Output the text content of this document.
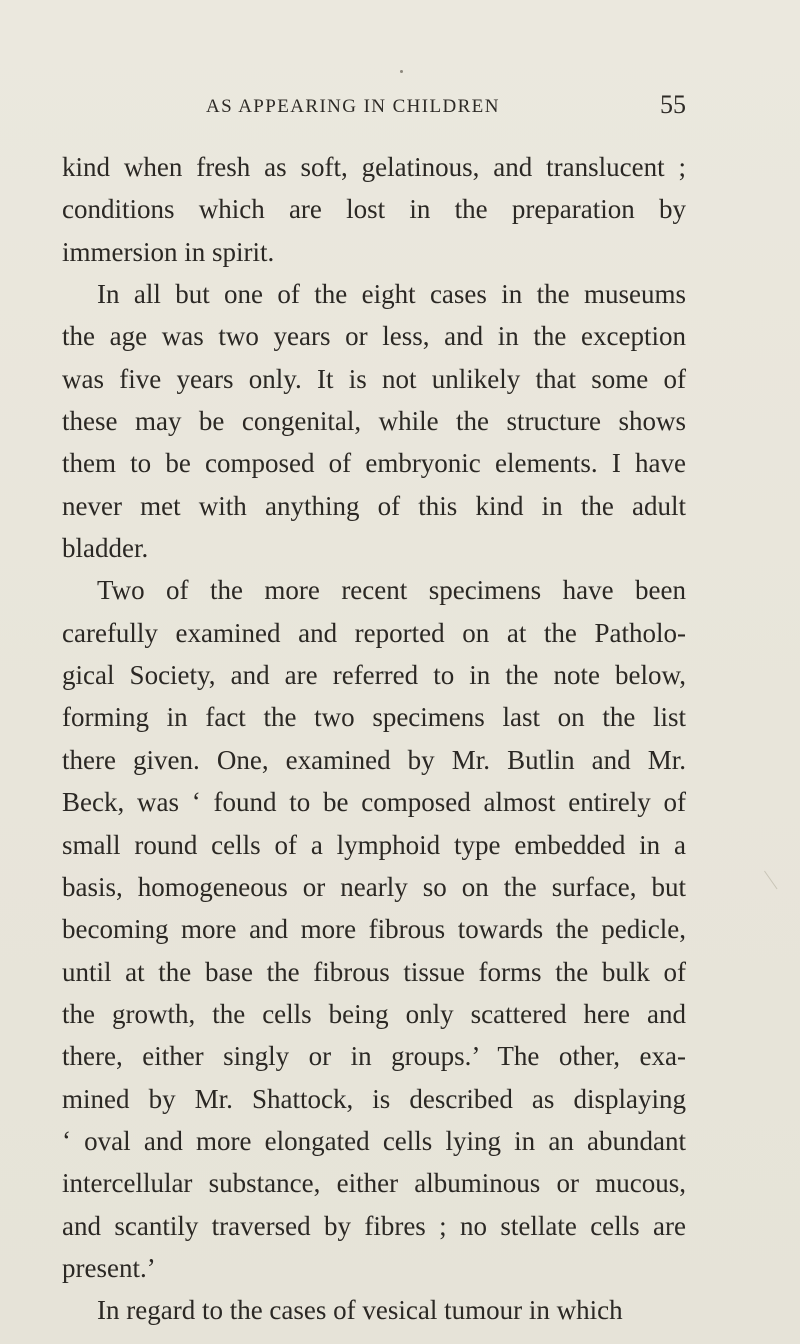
AS APPEARING IN CHILDREN	55
kind when fresh as soft, gelatinous, and translucent ;
conditions which are lost in the preparation by
immersion in spirit.
In all but one of the eight cases in the museums
the age was two years or less, and in the exception
was five years only. It is not unlikely that some of
these may be congenital, while the structure shows
them to be composed of embryonic elements. I have
never met with anything of this kind in the adult
bladder.
Two of the more recent specimens have been
carefully examined and reported on at the Patholo-
gical Society, and are referred to in the note below,
forming in fact the two specimens last on the list
there given. One, examined by Mr. Butlin and Mr.
Beck, was ‘ found to be composed almost entirely of
small round cells of a lymphoid type embedded in a
basis, homogeneous or nearly so on the surface, but
becoming more and more fibrous towards the pedicle,
until at the base the fibrous tissue forms the bulk of
the growth, the cells being only scattered here and
there, either singly or in groups.’ The other, exa-
mined by Mr. Shattock, is described as displaying
‘ oval and more elongated cells lying in an abundant
intercellular substance, either albuminous or mucous,
and scantily traversed by fibres ; no stellate cells are
present.’
In regard to the cases of vesical tumour in which
